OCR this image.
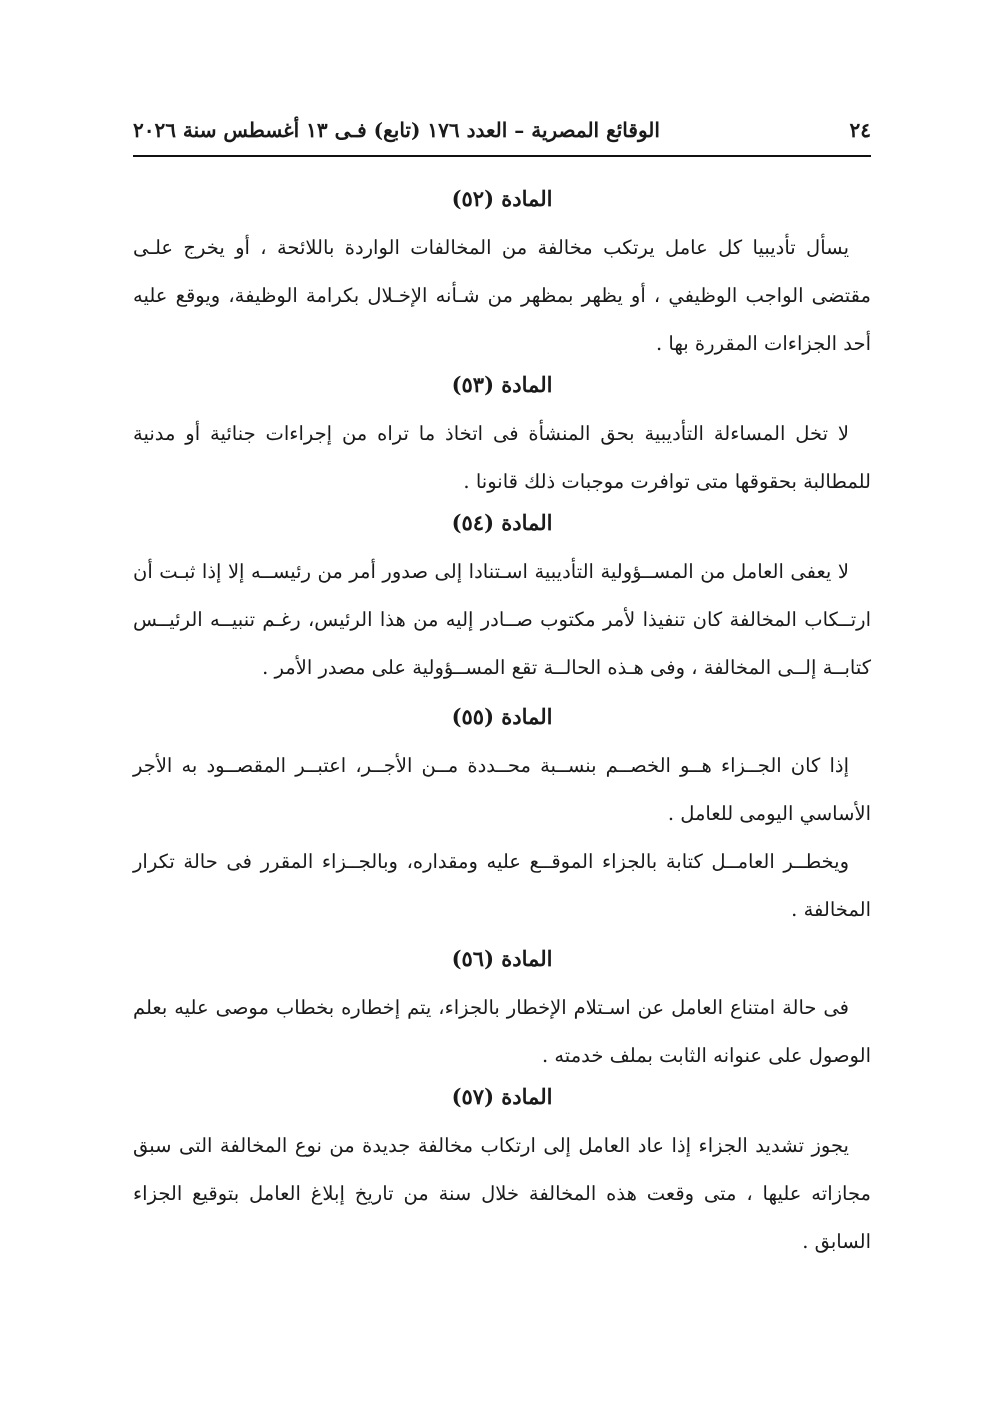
٢٤
الوقائع المصرية – العدد ١٧٦ (تابع) فـى ١٣ أغسطس سنة ٢٠٢٦
المادة (٥٢)

يسأل تأديبيا كل عامل يرتكب مخالفة من المخالفات الواردة باللائحة ، أو يخرج علـى مقتضى الواجب الوظيفي ، أو يظهر بمظهر من شـأنه الإخـلال بكرامة الوظيفة، ويوقع عليه أحد الجزاءات المقررة بها .

المادة (٥٣)

لا تخل المساءلة التأديبية بحق المنشأة فى اتخاذ ما تراه من إجراءات جنائية أو مدنية للمطالبة بحقوقها متى توافرت موجبات ذلك قانونا .

المادة (٥٤)

لا يعفى العامل من المســؤولية التأديبية اسـتنادا إلى صدور أمر من رئيســه إلا إذا ثبـت أن ارتــكاب المخالفة كان تنفيذا لأمر مكتوب صــادر إليه من هذا الرئيس، رغـم تنبيــه الرئيــس كتابــة إلــى المخالفة ، وفى هـذه الحالــة تقع المســؤولية على مصدر الأمر .

المادة (٥٥)

إذا كان الجــزاء هــو الخصــم بنســبة محــددة مــن الأجــر، اعتبــر المقصــود به الأجر الأساسي اليومى للعامل .

ويخطــر العامــل كتابة بالجزاء الموقــع عليه ومقداره، وبالجــزاء المقرر فى حالة تكرار المخالفة .

المادة (٥٦)

فى حالة امتناع العامل عن اسـتلام الإخطار بالجزاء، يتم إخطاره بخطاب موصى عليه بعلم الوصول على عنوانه الثابت بملف خدمته .

المادة (٥٧)

يجوز تشديد الجزاء إذا عاد العامل إلى ارتكاب مخالفة جديدة من نوع المخالفة التى سبق مجازاته عليها ، متى وقعت هذه المخالفة خلال سنة من تاريخ إبلاغ العامل بتوقيع الجزاء السابق .
